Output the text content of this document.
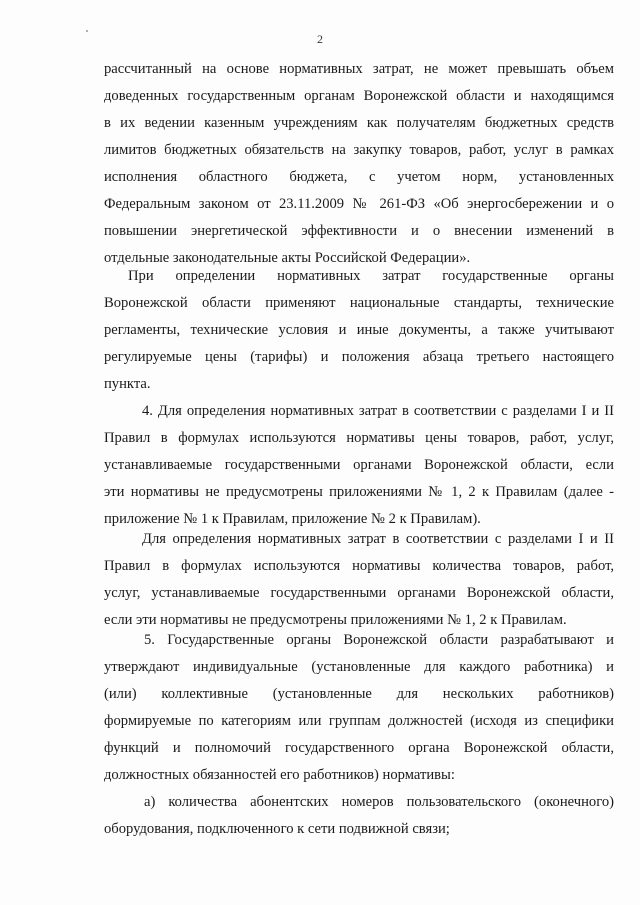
2
рассчитанный на основе нормативных затрат, не может превышать объем
доведенных государственным органам Воронежской области и находящимся
в их ведении казенным учреждениям как получателям бюджетных средств
лимитов бюджетных обязательств на закупку товаров, работ, услуг в рамках
исполнения областного бюджета, с учетом норм, установленных
Федеральным законом от 23.11.2009 № 261-ФЗ «Об энергосбережении и о
повышении энергетической эффективности и о внесении изменений в
отдельные законодательные акты Российской Федерации».
При определении нормативных затрат государственные органы
Воронежской области применяют национальные стандарты, технические
регламенты, технические условия и иные документы, а также учитывают
регулируемые цены (тарифы) и положения абзаца третьего настоящего
пункта.
4. Для определения нормативных затрат в соответствии с разделами I и II
Правил в формулах используются нормативы цены товаров, работ, услуг,
устанавливаемые государственными органами Воронежской области, если
эти нормативы не предусмотрены приложениями № 1, 2 к Правилам (далее -
приложение № 1 к Правилам, приложение № 2 к Правилам).
Для определения нормативных затрат в соответствии с разделами I и II
Правил в формулах используются нормативы количества товаров, работ,
услуг, устанавливаемые государственными органами Воронежской области,
если эти нормативы не предусмотрены приложениями № 1, 2 к Правилам.
5. Государственные органы Воронежской области разрабатывают и
утверждают индивидуальные (установленные для каждого работника) и
(или) коллективные (установленные для нескольких работников)
формируемые по категориям или группам должностей (исходя из специфики
функций и полномочий государственного органа Воронежской области,
должностных обязанностей его работников) нормативы:
а) количества абонентских номеров пользовательского (оконечного)
оборудования, подключенного к сети подвижной связи;
